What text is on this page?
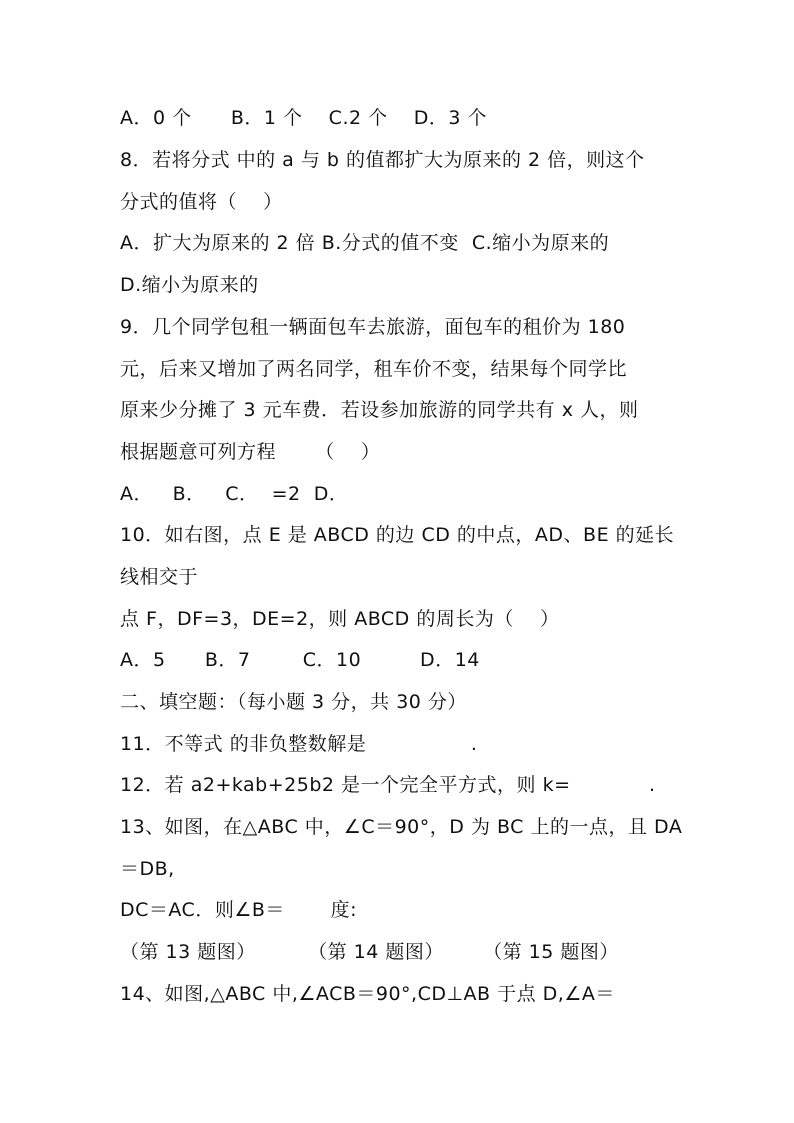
A．0 个      B．1 个    C.2 个    D．3 个
8．若将分式 中的 a 与 b 的值都扩大为原来的 2 倍，则这个
分式的值将（    ）
A．扩大为原来的 2 倍 B.分式的值不变  C.缩小为原来的
D.缩小为原来的
9．几个同学包租一辆面包车去旅游，面包车的租价为 180
元，后来又增加了两名同学，租车价不变，结果每个同学比
原来少分摊了 3 元车费．若设参加旅游的同学共有 x 人，则
根据题意可列方程      （    ）
A．   B．   C．  =2  D．
10．如右图，点 E 是 ABCD 的边 CD 的中点，AD、BE 的延长
线相交于
点 F，DF=3，DE=2，则 ABCD 的周长为（    ）
A．5      B．7        C．10         D．14
二、填空题：（每小题 3 分，共 30 分）
11．不等式 的非负整数解是                .
12．若 a2+kab+25b2 是一个完全平方式，则 k=            .
13、如图，在△ABC 中，∠C＝90°，D 为 BC 上的一点，且 DA
＝DB,
DC＝AC．则∠B＝       度:
（第 13 题图）        （第 14 题图）      （第 15 题图）
14、如图,△ABC 中,∠ACB＝90°,CD⊥AB 于点 D,∠A＝
